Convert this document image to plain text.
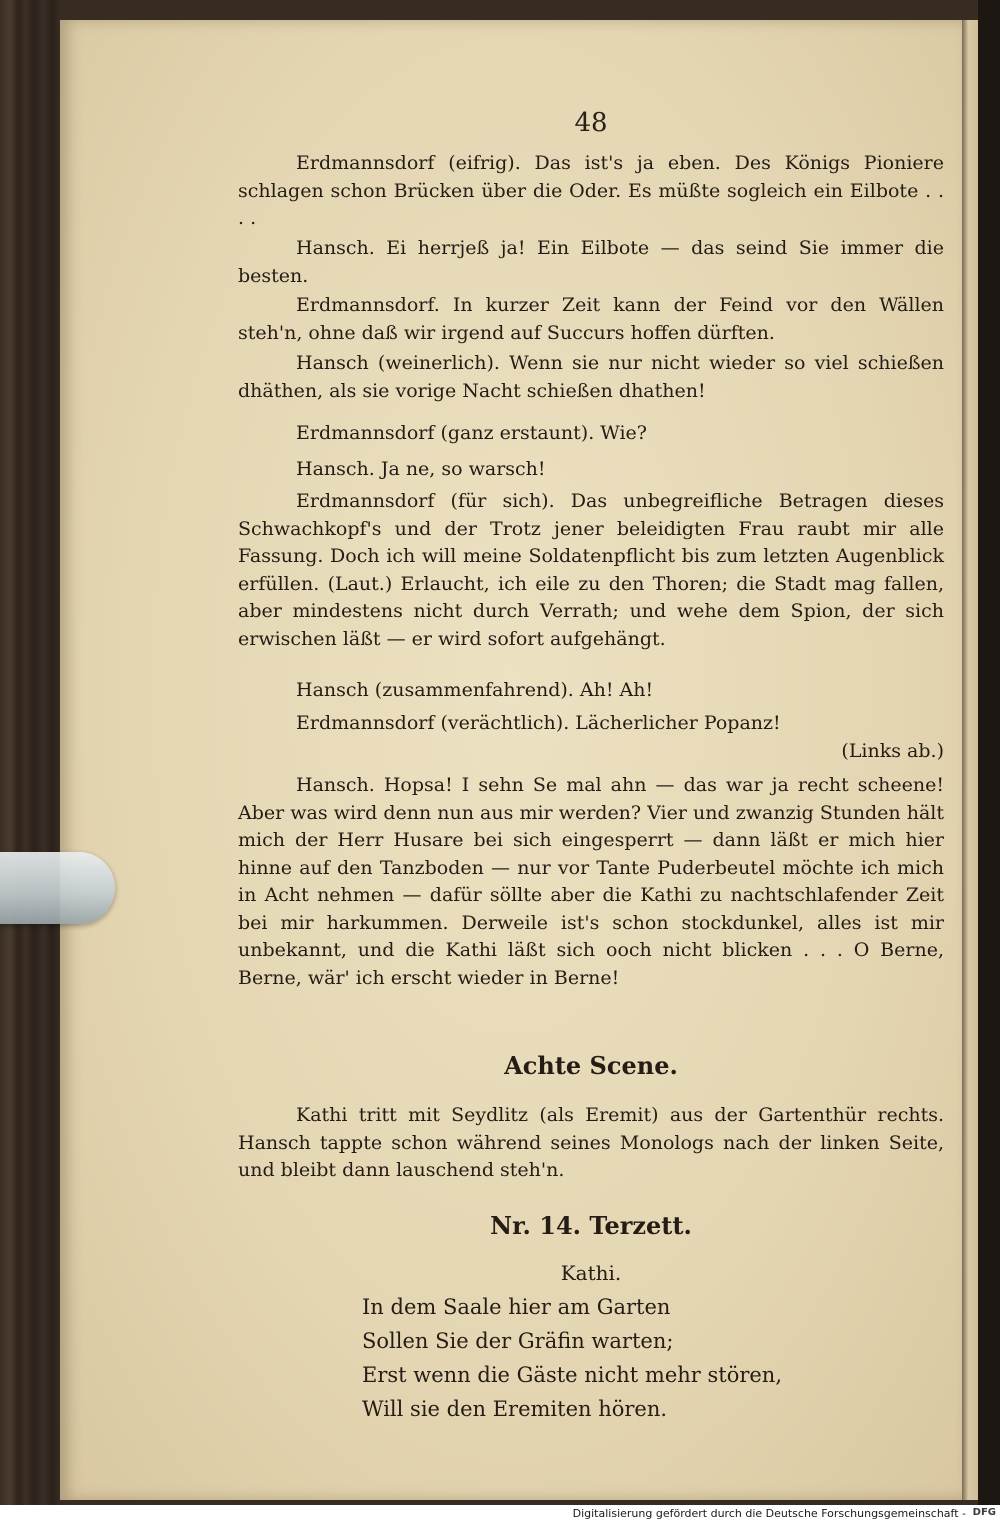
48

Erdmannsdorf (eifrig). Das ist's ja eben. Des Königs Pioniere schlagen schon Brücken über die Oder. Es müßte sogleich ein Eilbote . . . .

Hansch. Ei herrjeß ja! Ein Eilbote — das seind Sie immer die besten.

Erdmannsdorf. In kurzer Zeit kann der Feind vor den Wällen steh'n, ohne daß wir irgend auf Succurs hoffen dürften.

Hansch (weinerlich). Wenn sie nur nicht wieder so viel schießen dhäthen, als sie vorige Nacht schießen dhathen!

Erdmannsdorf (ganz erstaunt). Wie?

Hansch. Ja ne, so warsch!

Erdmannsdorf (für sich). Das unbegreifliche Betragen dieses Schwachkopf's und der Trotz jener beleidigten Frau raubt mir alle Fassung. Doch ich will meine Soldatenpflicht bis zum letzten Augenblick erfüllen. (Laut.) Erlaucht, ich eile zu den Thoren; die Stadt mag fallen, aber mindestens nicht durch Verrath; und wehe dem Spion, der sich erwischen läßt — er wird sofort aufgehängt.

Hansch (zusammenfahrend). Ah! Ah!

Erdmannsdorf (verächtlich). Lächerlicher Popanz!

(Links ab.)

Hansch. Hopsa! I sehn Se mal ahn — das war ja recht scheene! Aber was wird denn nun aus mir werden? Vier und zwanzig Stunden hält mich der Herr Husare bei sich eingesperrt — dann läßt er mich hier hinne auf den Tanzboden — nur vor Tante Puderbeutel möchte ich mich in Acht nehmen — dafür söllte aber die Kathi zu nachtschlafender Zeit bei mir harkummen. Derweile ist's schon stockdunkel, alles ist mir unbekannt, und die Kathi läßt sich ooch nicht blicken . . . O Berne, Berne, wär' ich erscht wieder in Berne!

Achte Scene.

Kathi tritt mit Seydlitz (als Eremit) aus der Gartenthür rechts. Hansch tappte schon während seines Monologs nach der linken Seite, und bleibt dann lauschend steh'n.

Nr. 14. Terzett.
Kathi.
In dem Saale hier am Garten
Sollen Sie der Gräfin warten;
Erst wenn die Gäste nicht mehr stören,
Will sie den Eremiten hören.
Digitalisierung gefördert durch die Deutsche Forschungsgemeinschaft - DFG
